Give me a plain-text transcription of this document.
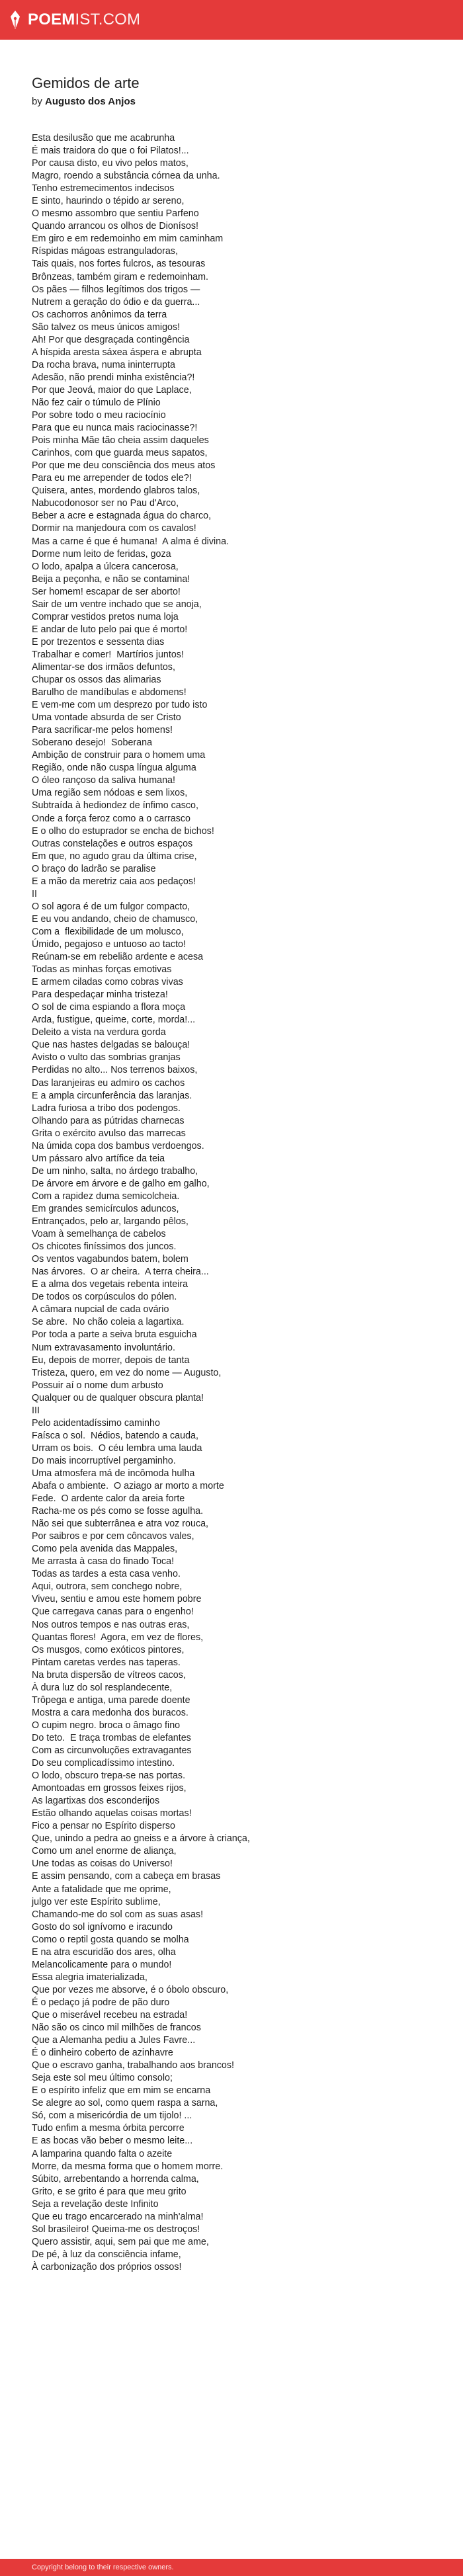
POEMIST.COM
Gemidos de arte
by Augusto dos Anjos
Esta desilusão que me acabrunha
É mais traidora do que o foi Pilatos!...
Por causa disto, eu vivo pelos matos,
Magro, roendo a substância córnea da unha.
Tenho estremecimentos indecisos
E sinto, haurindo o tépido ar sereno,
O mesmo assombro que sentiu Parfeno
Quando arrancou os olhos de Dionísos!
Em giro e em redemoinho em mim caminham
Ríspidas mágoas estranguladoras,
Tais quais, nos fortes fulcros, as tesouras
Brônzeas, também giram e redemoinham.
Os pães — filhos legítimos dos trigos —
Nutrem a geração do ódio e da guerra...
Os cachorros anônimos da terra
São talvez os meus únicos amigos!
Ah! Por que desgraçada contingência
A híspida aresta sáxea áspera e abrupta
Da rocha brava, numa ininterrupta
Adesão, não prendi minha existência?!
Por que Jeová, maior do que Laplace,
Não fez cair o túmulo de Plínio
Por sobre todo o meu raciocínio
Para que eu nunca mais raciocinasse?!
Pois minha Mãe tão cheia assim daqueles
Carinhos, com que guarda meus sapatos,
Por que me deu consciência dos meus atos
Para eu me arrepender de todos ele?!
Quisera, antes, mordendo glabros talos,
Nabucodonosor ser no Pau d'Arco,
Beber a acre e estagnada água do charco,
Dormir na manjedoura com os cavalos!
Mas a carne é que é humana!  A alma é divina.
Dorme num leito de feridas, goza
O lodo, apalpa a úlcera cancerosa,
Beija a peçonha, e não se contamina!
Ser homem! escapar de ser aborto!
Sair de um ventre inchado que se anoja,
Comprar vestidos pretos numa loja
E andar de luto pelo pai que é morto!
E por trezentos e sessenta dias
Trabalhar e comer!  Martírios juntos!
Alimentar-se dos irmãos defuntos,
Chupar os ossos das alimarias
Barulho de mandíbulas e abdomens!
E vem-me com um desprezo por tudo isto
Uma vontade absurda de ser Cristo
Para sacrificar-me pelos homens!
Soberano desejo!  Soberana
Ambição de construir para o homem uma
Região, onde não cuspa língua alguma
O óleo rançoso da saliva humana!
Uma região sem nódoas e sem lixos,
Subtraída à hediondez de ínfimo casco,
Onde a força feroz como a o carrasco
E o olho do estuprador se encha de bichos!
Outras constelações e outros espaços
Em que, no agudo grau da última crise,
O braço do ladrão se paralise
E a mão da meretriz caia aos pedaços!
II
O sol agora é de um fulgor compacto,
E eu vou andando, cheio de chamusco,
Com a  flexibilidade de um molusco,
Úmido, pegajoso e untuoso ao tacto!
Reúnam-se em rebelião ardente e acesa
Todas as minhas forças emotivas
E armem ciladas como cobras vivas
Para despedaçar minha tristeza!
O sol de cima espiando a flora moça
Arda, fustigue, queime, corte, morda!...
Deleito a vista na verdura gorda
Que nas hastes delgadas se balouça!
Avisto o vulto das sombrias granjas
Perdidas no alto... Nos terrenos baixos,
Das laranjeiras eu admiro os cachos
E a ampla circunferência das laranjas.
Ladra furiosa a tribo dos podengos.
Olhando para as pútridas charnecas
Grita o exército avulso das marrecas
Na úmida copa dos bambus verdoengos.
Um pássaro alvo artífice da teia
De um ninho, salta, no árdego trabalho,
De árvore em árvore e de galho em galho,
Com a rapidez duma semicolcheia.
Em grandes semicírculos aduncos,
Entrançados, pelo ar, largando pêlos,
Voam à semelhança de cabelos
Os chicotes finíssimos dos juncos.
Os ventos vagabundos batem, bolem
Nas árvores.  O ar cheira.  A terra cheira...
E a alma dos vegetais rebenta inteira
De todos os corpúsculos do pólen.
A câmara nupcial de cada ovário
Se abre.  No chão coleia a lagartixa.
Por toda a parte a seiva bruta esguicha
Num extravasamento involuntário.
Eu, depois de morrer, depois de tanta
Tristeza, quero, em vez do nome — Augusto,
Possuir aí o nome dum arbusto
Qualquer ou de qualquer obscura planta!
III
Pelo acidentadíssimo caminho
Faísca o sol.  Nédios, batendo a cauda,
Urram os bois.  O céu lembra uma lauda
Do mais incorruptível pergaminho.
Uma atmosfera má de incômoda hulha
Abafa o ambiente.  O aziago ar morto a morte
Fede.  O ardente calor da areia forte
Racha-me os pés como se fosse agulha.
Não sei que subterrânea e atra voz rouca,
Por saibros e por cem côncavos vales,
Como pela avenida das Mappales,
Me arrasta à casa do finado Toca!
Todas as tardes a esta casa venho.
Aqui, outrora, sem conchego nobre,
Viveu, sentiu e amou este homem pobre
Que carregava canas para o engenho!
Nos outros tempos e nas outras eras,
Quantas flores!  Agora, em vez de flores,
Os musgos, como exóticos pintores,
Pintam caretas verdes nas taperas.
Na bruta dispersão de vítreos cacos,
À dura luz do sol resplandecente,
Trôpega e antiga, uma parede doente
Mostra a cara medonha dos buracos.
O cupim negro. broca o âmago fino
Do teto.  E traça trombas de elefantes
Com as circunvoluções extravagantes
Do seu complicadíssimo intestino.
O lodo, obscuro trepa-se nas portas.
Amontoadas em grossos feixes rijos,
As lagartixas dos esconderijos
Estão olhando aquelas coisas mortas!
Fico a pensar no Espírito disperso
Que, unindo a pedra ao gneiss e a árvore à criança,
Como um anel enorme de aliança,
Une todas as coisas do Universo!
E assim pensando, com a cabeça em brasas
Ante a fatalidade que me oprime,
julgo ver este Espírito sublime,
Chamando-me do sol com as suas asas!
Gosto do sol ignívomo e iracundo
Como o reptil gosta quando se molha
E na atra escuridão dos ares, olha
Melancolicamente para o mundo!
Essa alegria imaterializada,
Que por vezes me absorve, é o óbolo obscuro,
É o pedaço já podre de pão duro
Que o miserável recebeu na estrada!
Não são os cinco mil milhões de francos
Que a Alemanha pediu a Jules Favre...
É o dinheiro coberto de azinhavre
Que o escravo ganha, trabalhando aos brancos!
Seja este sol meu último consolo;
E o espírito infeliz que em mim se encarna
Se alegre ao sol, como quem raspa a sarna,
Só, com a misericórdia de um tijolo! ...
Tudo enfim a mesma órbita percorre
E as bocas vão beber o mesmo leite...
A lamparina quando falta o azeite
Morre, da mesma forma que o homem morre.
Súbito, arrebentando a horrenda calma,
Grito, e se grito é para que meu grito
Seja a revelação deste Infinito
Que eu trago encarcerado na minh'alma!
Sol brasileiro! Queima-me os destroços!
Quero assistir, aqui, sem pai que me ame,
De pé, à luz da consciência infame,
À carbonização dos próprios ossos!
Copyright belong to their respective owners.
